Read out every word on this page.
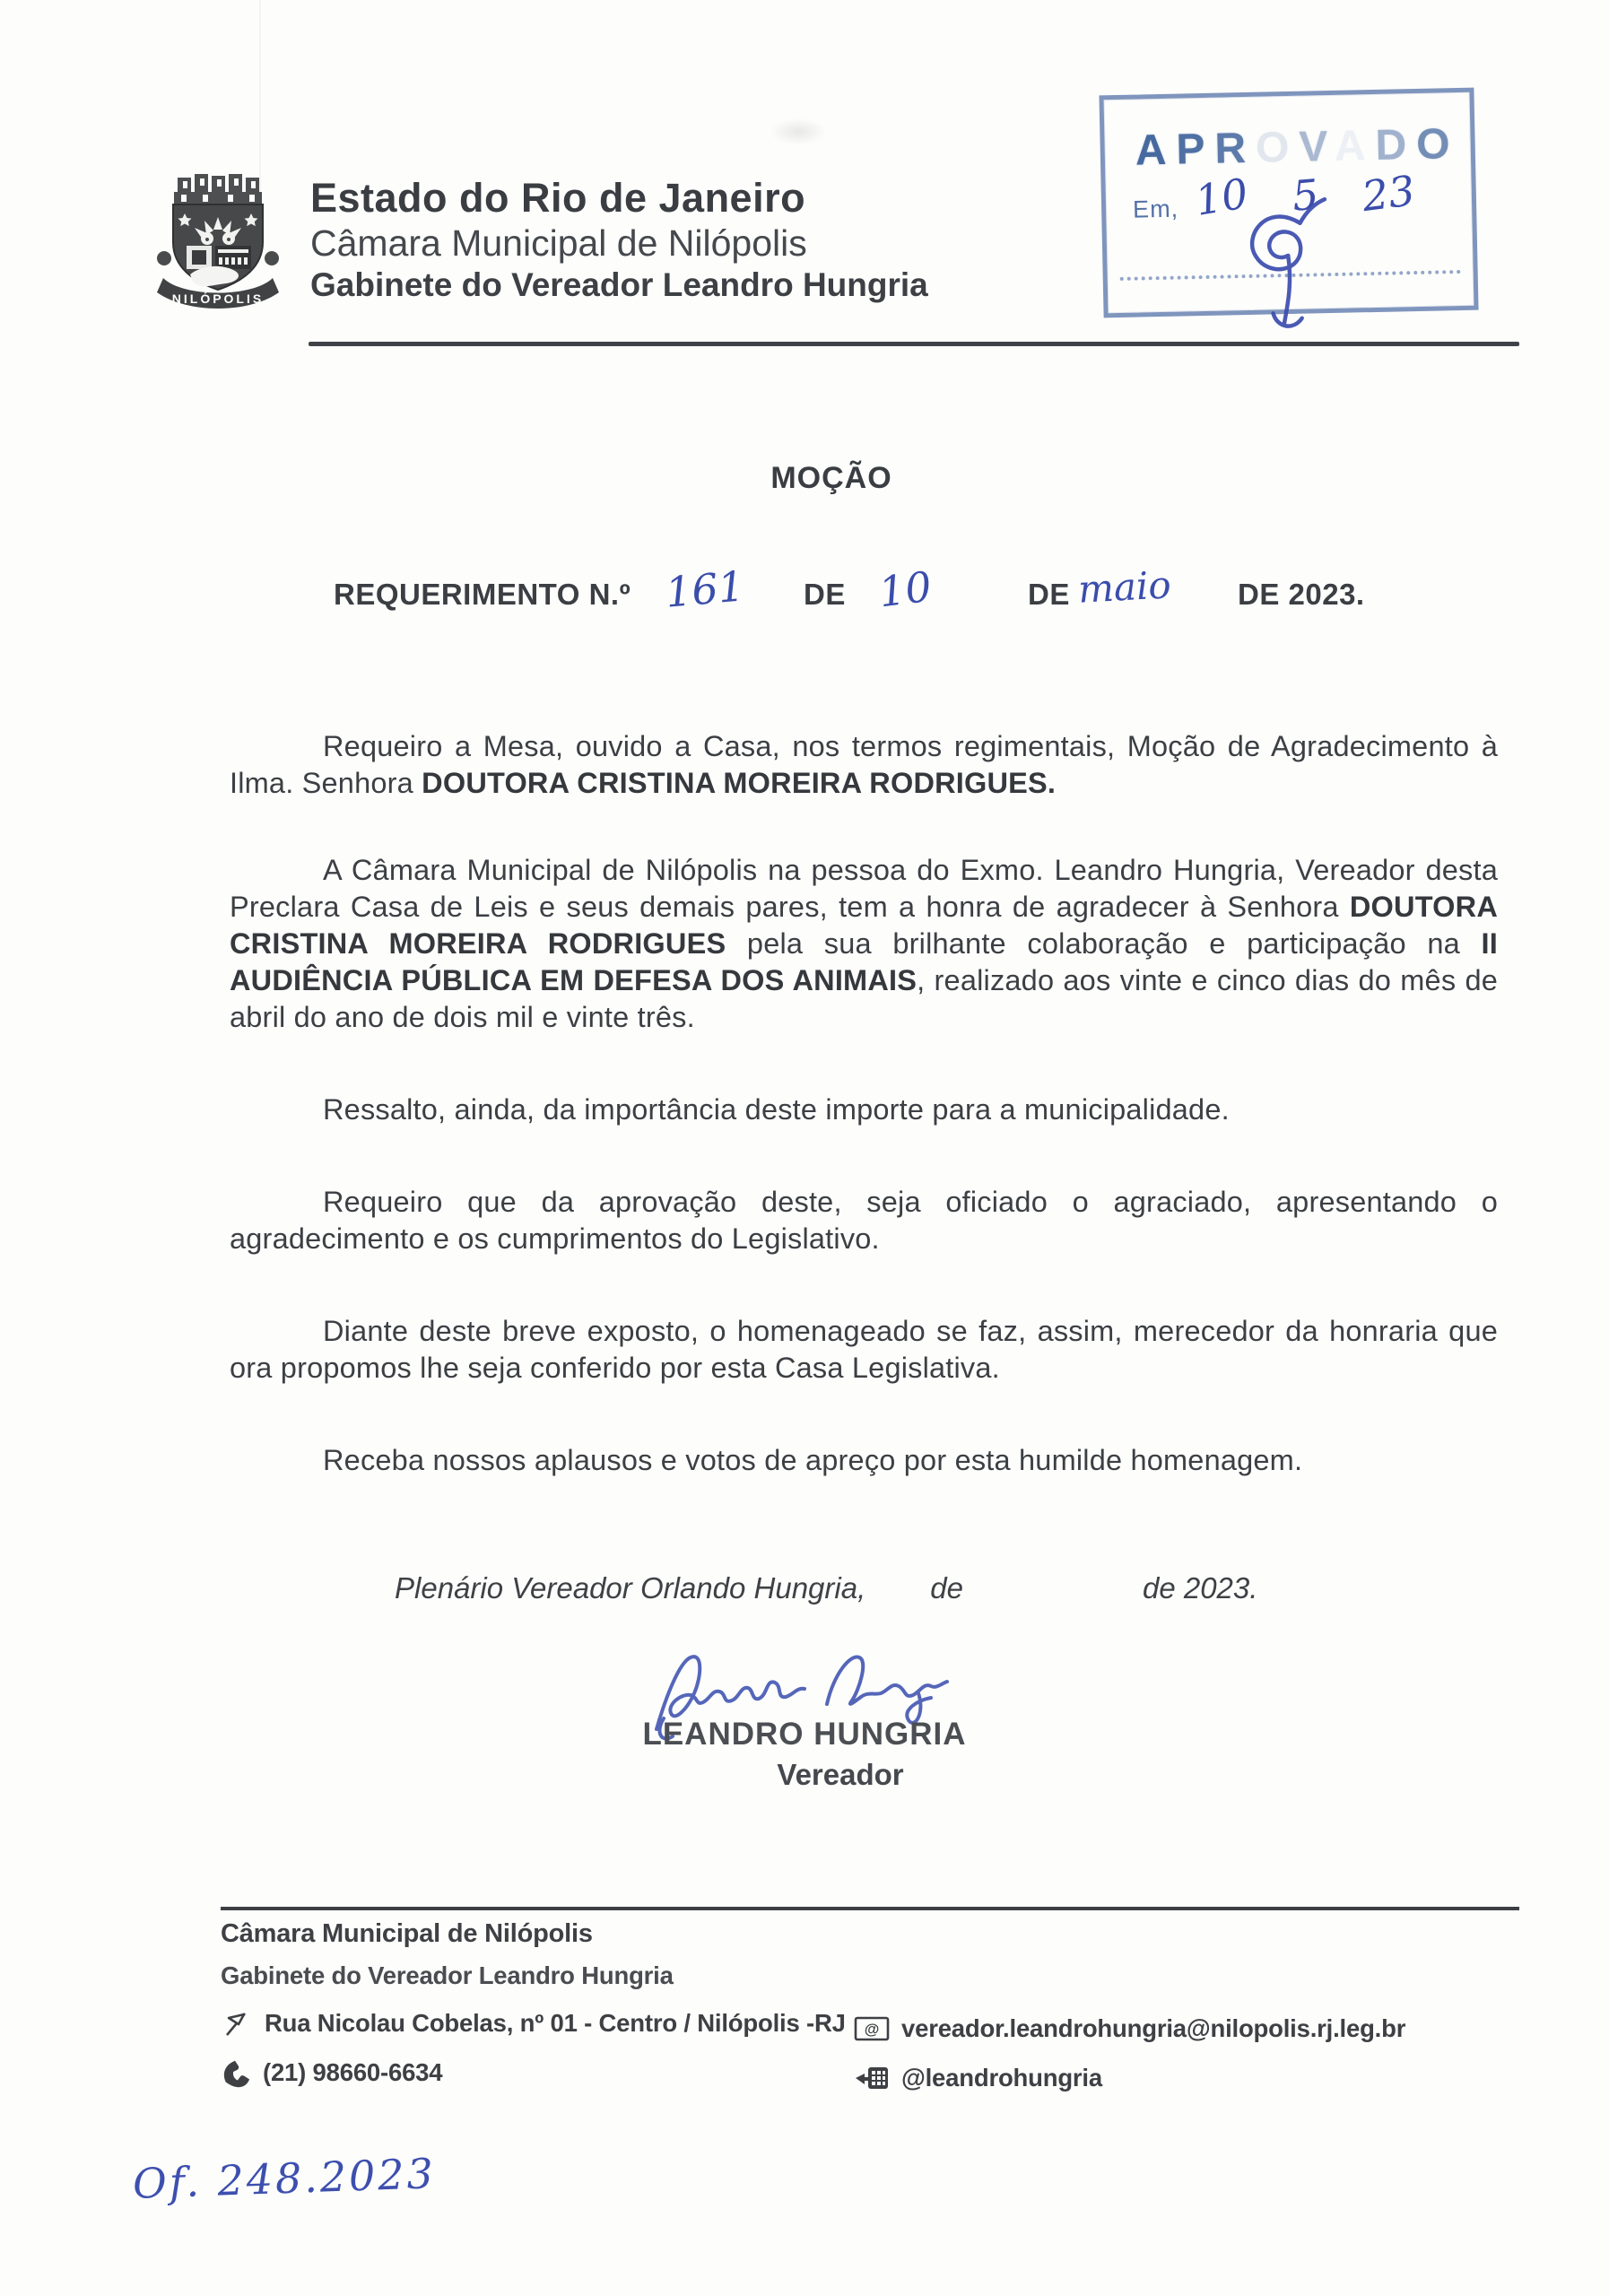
NILÓPOLIS
Estado do Rio de Janeiro
Câmara Municipal de Nilópolis
Gabinete do Vereador Leandro Hungria
APROVADO
Em, 10 5 23
MOÇÃO
REQUERIMENTO N.º 161 DE 10	DE maio DE 2023.

Requeiro a Mesa, ouvido a Casa, nos termos regimentais, Moção de Agradecimento à Ilma. Senhora DOUTORA CRISTINA MOREIRA RODRIGUES.

A Câmara Municipal de Nilópolis na pessoa do Exmo. Leandro Hungria, Vereador desta Preclara Casa de Leis e seus demais pares, tem a honra de agradecer à Senhora DOUTORA CRISTINA MOREIRA RODRIGUES pela sua brilhante colaboração e participação na II AUDIÊNCIA PÚBLICA EM DEFESA DOS ANIMAIS, realizado aos vinte e cinco dias do mês de abril do ano de dois mil e vinte três.

Ressalto, ainda, da importância deste importe para a municipalidade.

Requeiro que da aprovação deste, seja oficiado o agraciado, apresentando o agradecimento e os cumprimentos do Legislativo.

Diante deste breve exposto, o homenageado se faz, assim, merecedor da honraria que ora propomos lhe seja conferido por esta Casa Legislativa.

Receba nossos aplausos e votos de apreço por esta humilde homenagem.

Plenário Vereador Orlando Hungria, de	de 2023.
LEANDRO HUNGRIA
Vereador
Câmara Municipal de Nilópolis
Gabinete do Vereador Leandro Hungria
Rua Nicolau Cobelas, nº 01 - Centro / Nilópolis -RJ
(21) 98660-6634
@ vereador.leandrohungria@nilopolis.rj.leg.br
@leandrohungria
Of. 248.2023
